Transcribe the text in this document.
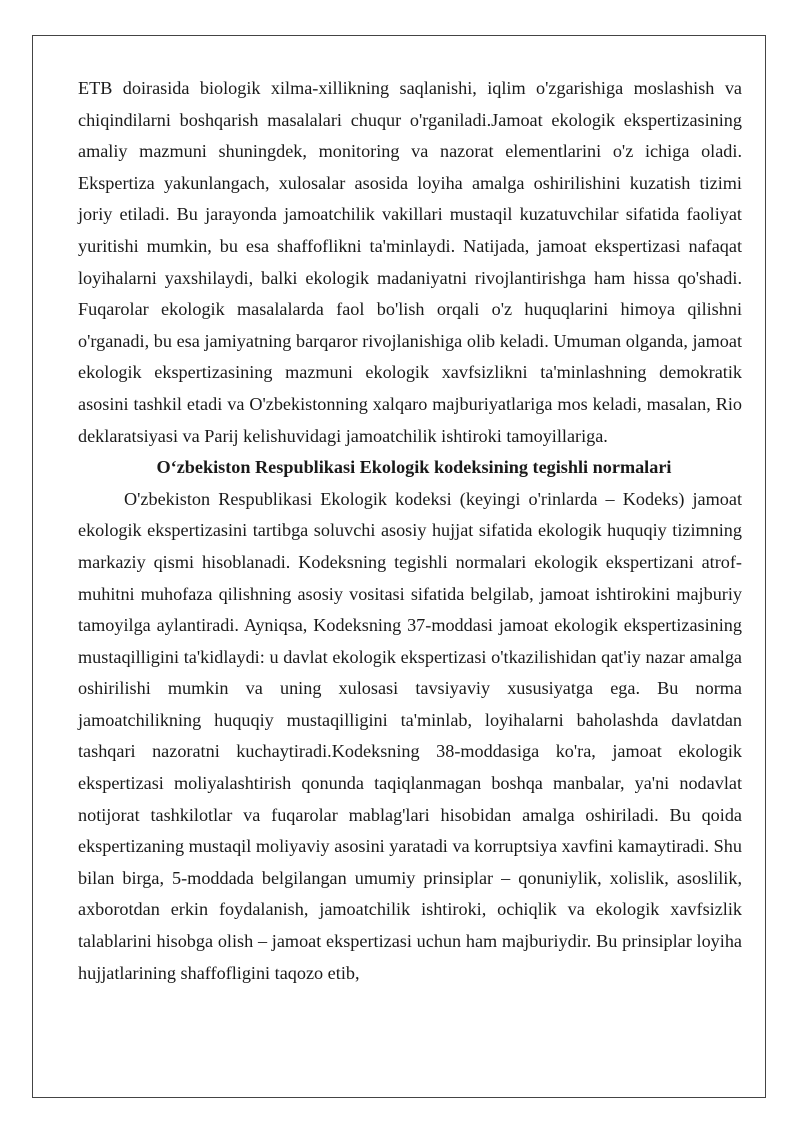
ETB doirasida biologik xilma-xillikning saqlanishi, iqlim o'zgarishiga moslashish va chiqindilarni boshqarish masalalari chuqur o'rganiladi.Jamoat ekologik ekspertizasining amaliy mazmuni shuningdek, monitoring va nazorat elementlarini o'z ichiga oladi. Ekspertiza yakunlangach, xulosalar asosida loyiha amalga oshirilishini kuzatish tizimi joriy etiladi. Bu jarayonda jamoatchilik vakillari mustaqil kuzatuvchilar sifatida faoliyat yuritishi mumkin, bu esa shaffoflikni ta'minlaydi. Natijada, jamoat ekspertizasi nafaqat loyihalarni yaxshilaydi, balki ekologik madaniyatni rivojlantirishga ham hissa qo'shadi. Fuqarolar ekologik masalalarda faol bo'lish orqali o'z huquqlarini himoya qilishni o'rganadi, bu esa jamiyatning barqaror rivojlanishiga olib keladi. Umuman olganda, jamoat ekologik ekspertizasining mazmuni ekologik xavfsizlikni ta'minlashning demokratik asosini tashkil etadi va O'zbekistonning xalqaro majburiyatlariga mos keladi, masalan, Rio deklaratsiyasi va Parij kelishuvidagi jamoatchilik ishtiroki tamoyillariga.

O‘zbekiston Respublikasi Ekologik kodeksining tegishli normalari

O'zbekiston Respublikasi Ekologik kodeksi (keyingi o'rinlarda – Kodeks) jamoat ekologik ekspertizasini tartibga soluvchi asosiy hujjat sifatida ekologik huquqiy tizimning markaziy qismi hisoblanadi. Kodeksning tegishli normalari ekologik ekspertizani atrof-muhitni muhofaza qilishning asosiy vositasi sifatida belgilab, jamoat ishtirokini majburiy tamoyilga aylantiradi. Ayniqsa, Kodeksning 37-moddasi jamoat ekologik ekspertizasining mustaqilligini ta'kidlaydi: u davlat ekologik ekspertizasi o'tkazilishidan qat'iy nazar amalga oshirilishi mumkin va uning xulosasi tavsiyaviy xususiyatga ega. Bu norma jamoatchilikning huquqiy mustaqilligini ta'minlab, loyihalarni baholashda davlatdan tashqari nazoratni kuchaytiradi.Kodeksning 38-moddasiga ko'ra, jamoat ekologik ekspertizasi moliyalashtirish qonunda taqiqlanmagan boshqa manbalar, ya'ni nodavlat notijorat tashkilotlar va fuqarolar mablag'lari hisobidan amalga oshiriladi. Bu qoida ekspertizaning mustaqil moliyaviy asosini yaratadi va korruptsiya xavfini kamaytiradi. Shu bilan birga, 5-moddada belgilangan umumiy prinsiplar – qonuniylik, xolislik, asoslilik, axborotdan erkin foydalanish, jamoatchilik ishtiroki, ochiqlik va ekologik xavfsizlik talablarini hisobga olish – jamoat ekspertizasi uchun ham majburiydir. Bu prinsiplar loyiha hujjatlarining shaffofligini taqozo etib,
